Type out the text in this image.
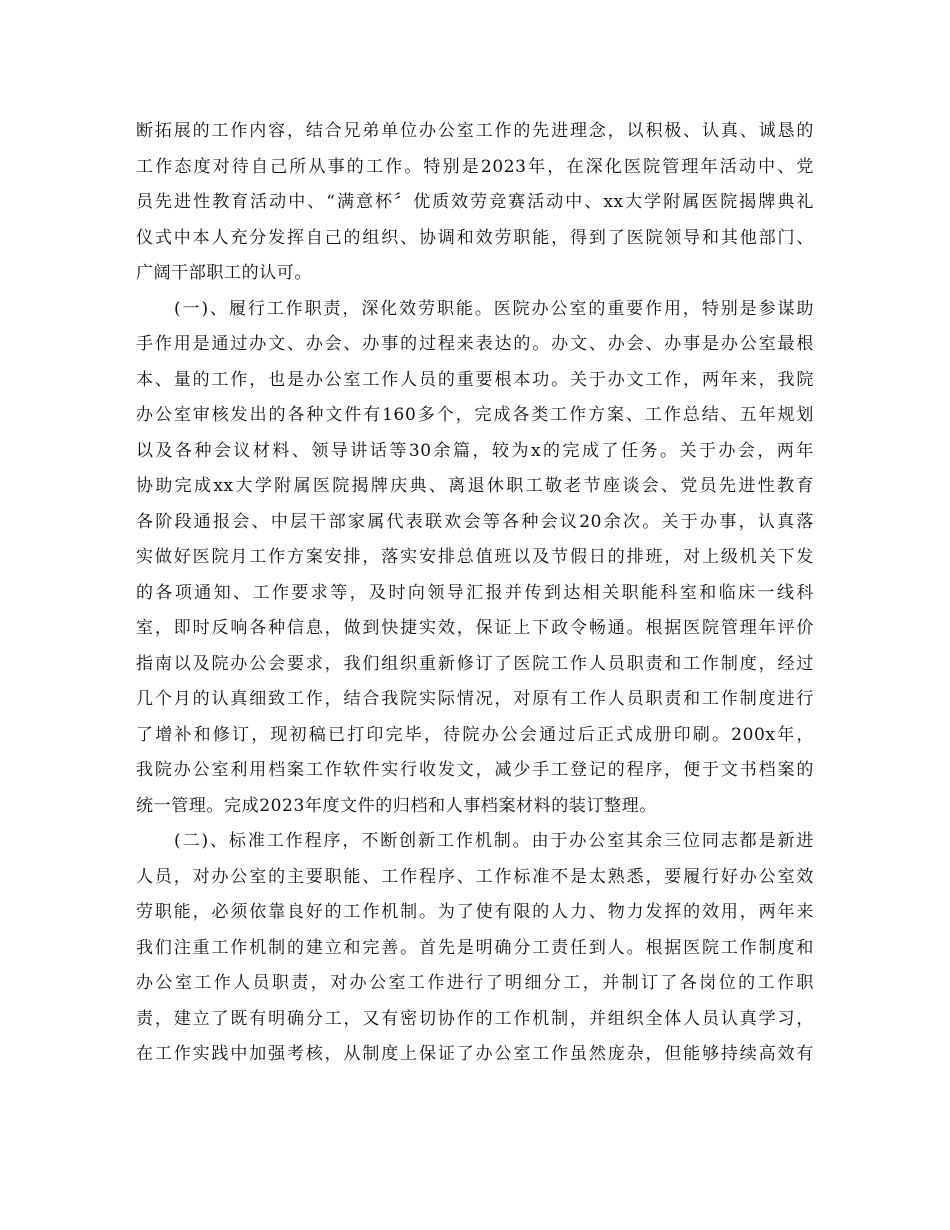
断拓展的工作内容，结合兄弟单位办公室工作的先进理念，以积极、认真、诚恳的
工作态度对待自己所从事的工作。特别是2023年，在深化医院管理年活动中、党
员先进性教育活动中、“满意杯〞优质效劳竞赛活动中、xx大学附属医院揭牌典礼
仪式中本人充分发挥自己的组织、协调和效劳职能，得到了医院领导和其他部门、
广阔干部职工的认可。
(一)、履行工作职责，深化效劳职能。医院办公室的重要作用，特别是参谋助
手作用是通过办文、办会、办事的过程来表达的。办文、办会、办事是办公室最根
本、量的工作，也是办公室工作人员的重要根本功。关于办文工作，两年来，我院
办公室审核发出的各种文件有160多个，完成各类工作方案、工作总结、五年规划
以及各种会议材料、领导讲话等30余篇，较为x的完成了任务。关于办会，两年
协助完成xx大学附属医院揭牌庆典、离退休职工敬老节座谈会、党员先进性教育
各阶段通报会、中层干部家属代表联欢会等各种会议20余次。关于办事，认真落
实做好医院月工作方案安排，落实安排总值班以及节假日的排班，对上级机关下发
的各项通知、工作要求等，及时向领导汇报并传到达相关职能科室和临床一线科
室，即时反响各种信息，做到快捷实效，保证上下政令畅通。根据医院管理年评价
指南以及院办公会要求，我们组织重新修订了医院工作人员职责和工作制度，经过
几个月的认真细致工作，结合我院实际情况，对原有工作人员职责和工作制度进行
了增补和修订，现初稿已打印完毕，待院办公会通过后正式成册印刷。200x年，
我院办公室利用档案工作软件实行收发文，减少手工登记的程序，便于文书档案的
统一管理。完成2023年度文件的归档和人事档案材料的装订整理。
(二)、标准工作程序，不断创新工作机制。由于办公室其余三位同志都是新进
人员，对办公室的主要职能、工作程序、工作标准不是太熟悉，要履行好办公室效
劳职能，必须依靠良好的工作机制。为了使有限的人力、物力发挥的效用，两年来
我们注重工作机制的建立和完善。首先是明确分工责任到人。根据医院工作制度和
办公室工作人员职责，对办公室工作进行了明细分工，并制订了各岗位的工作职
责，建立了既有明确分工，又有密切协作的工作机制，并组织全体人员认真学习，
在工作实践中加强考核，从制度上保证了办公室工作虽然庞杂，但能够持续高效有
